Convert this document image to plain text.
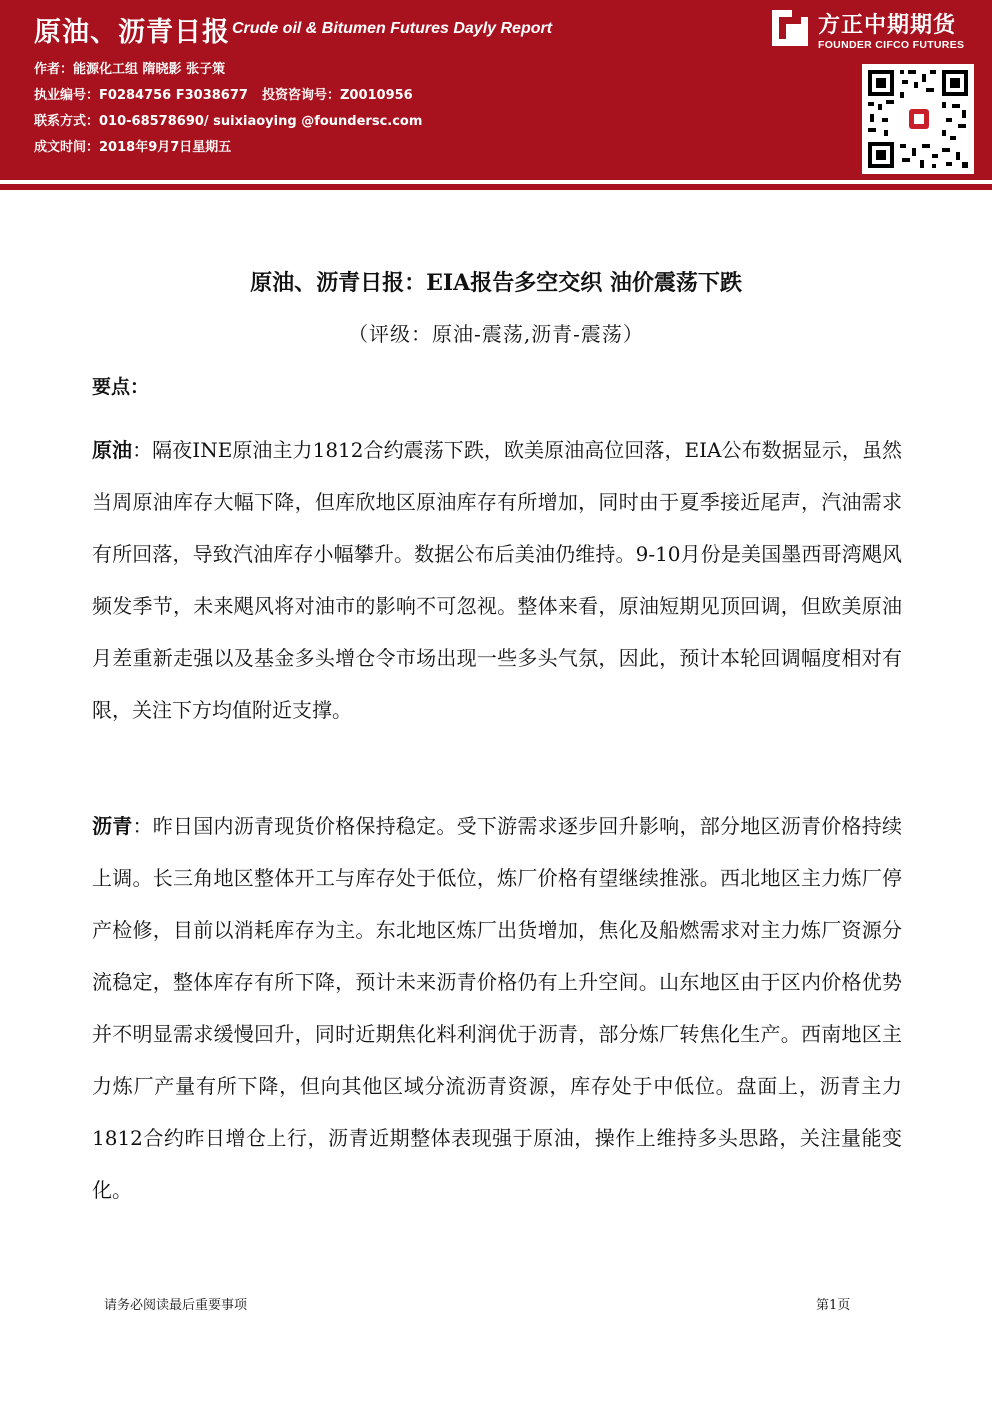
原油、沥青日报 Crude oil & Bitumen Futures Dayly Report
作者：能源化工组 隋晓影 张子策
执业编号：F0284756 F3038677 投资咨询号：Z0010956
联系方式：010-68578690/ suixiaoying @foundersc.com
成文时间：2018年9月7日星期五
方正中期期货
FOUNDER CIFCO FUTURES
原油、沥青日报：EIA报告多空交织 油价震荡下跌
（评级：原油-震荡,沥青-震荡）
要点：

原油：隔夜INE原油主力1812合约震荡下跌，欧美原油高位回落，EIA公布数据显示，虽然当周原油库存大幅下降，但库欣地区原油库存有所增加，同时由于夏季接近尾声，汽油需求有所回落，导致汽油库存小幅攀升。数据公布后美油仍维持。9-10月份是美国墨西哥湾飓风频发季节，未来飓风将对油市的影响不可忽视。整体来看，原油短期见顶回调，但欧美原油月差重新走强以及基金多头增仓令市场出现一些多头气氛，因此，预计本轮回调幅度相对有限，关注下方均值附近支撑。

沥青：昨日国内沥青现货价格保持稳定。受下游需求逐步回升影响，部分地区沥青价格持续上调。长三角地区整体开工与库存处于低位，炼厂价格有望继续推涨。西北地区主力炼厂停产检修，目前以消耗库存为主。东北地区炼厂出货增加，焦化及船燃需求对主力炼厂资源分流稳定，整体库存有所下降，预计未来沥青价格仍有上升空间。山东地区由于区内价格优势并不明显需求缓慢回升，同时近期焦化料利润优于沥青，部分炼厂转焦化生产。西南地区主力炼厂产量有所下降，但向其他区域分流沥青资源，库存处于中低位。盘面上，沥青主力1812合约昨日增仓上行，沥青近期整体表现强于原油，操作上维持多头思路，关注量能变化。

请务必阅读最后重要事项	第1页
